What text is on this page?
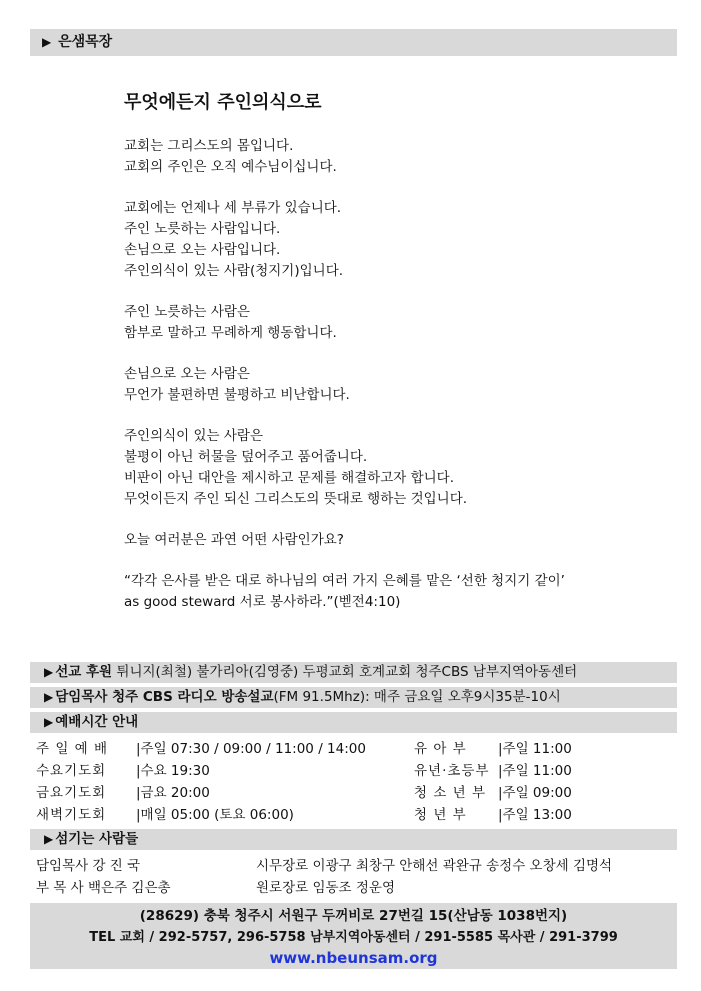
▶ 은샘목장
무엇에든지 주인의식으로
교회는 그리스도의 몸입니다.
교회의 주인은 오직 예수님이십니다.
교회에는 언제나 세 부류가 있습니다.
주인 노릇하는 사람입니다.
손님으로 오는 사람입니다.
주인의식이 있는 사람(청지기)입니다.
주인 노릇하는 사람은
함부로 말하고 무례하게 행동합니다.
손님으로 오는 사람은
무언가 불편하면 불평하고 비난합니다.
주인의식이 있는 사람은
불평이 아닌 허물을 덮어주고 품어줍니다.
비판이 아닌 대안을 제시하고 문제를 해결하고자 합니다.
무엇이든지 주인 되신 그리스도의 뜻대로 행하는 것입니다.
오늘 여러분은 과연 어떤 사람인가요?
“각각 은사를 받은 대로 하나님의 여러 가지 은혜를 맡은 ‘선한 청지기 같이’
as good steward 서로 봉사하라.”(벧전4:10)
▶ 선교 후원 튀니지(최철) 불가리아(김영중) 두평교회 호계교회 청주CBS 남부지역아동센터
▶ 담임목사 청주 CBS 라디오 방송설교(FM 91.5Mhz): 매주 금요일 오후9시35분-10시
▶ 예배시간 안내
주 일 예 배 |주일 07:30 / 09:00 / 11:00 / 14:00
수요기도회 |수요 19:30
금요기도회 |금요 20:00
새벽기도회 |매일 05:00 (토요 06:00)
유 아 부 |주일 11:00
유년·초등부 |주일 11:00
청 소 년 부 |주일 09:00
청 년 부 |주일 13:00
▶ 섬기는 사람들
담임목사 강 진 국	시무장로 이광구 최창구 안해선 곽완규 송정수 오창세 김명석
부 목 사 백은주 김은총	원로장로 임동조 정운영
(28629) 충북 청주시 서원구 두꺼비로 27번길 15(산남동 1038번지)
TEL 교회 / 292-5757, 296-5758 남부지역아동센터 / 291-5585 목사관 / 291-3799
www.nbeunsam.org
